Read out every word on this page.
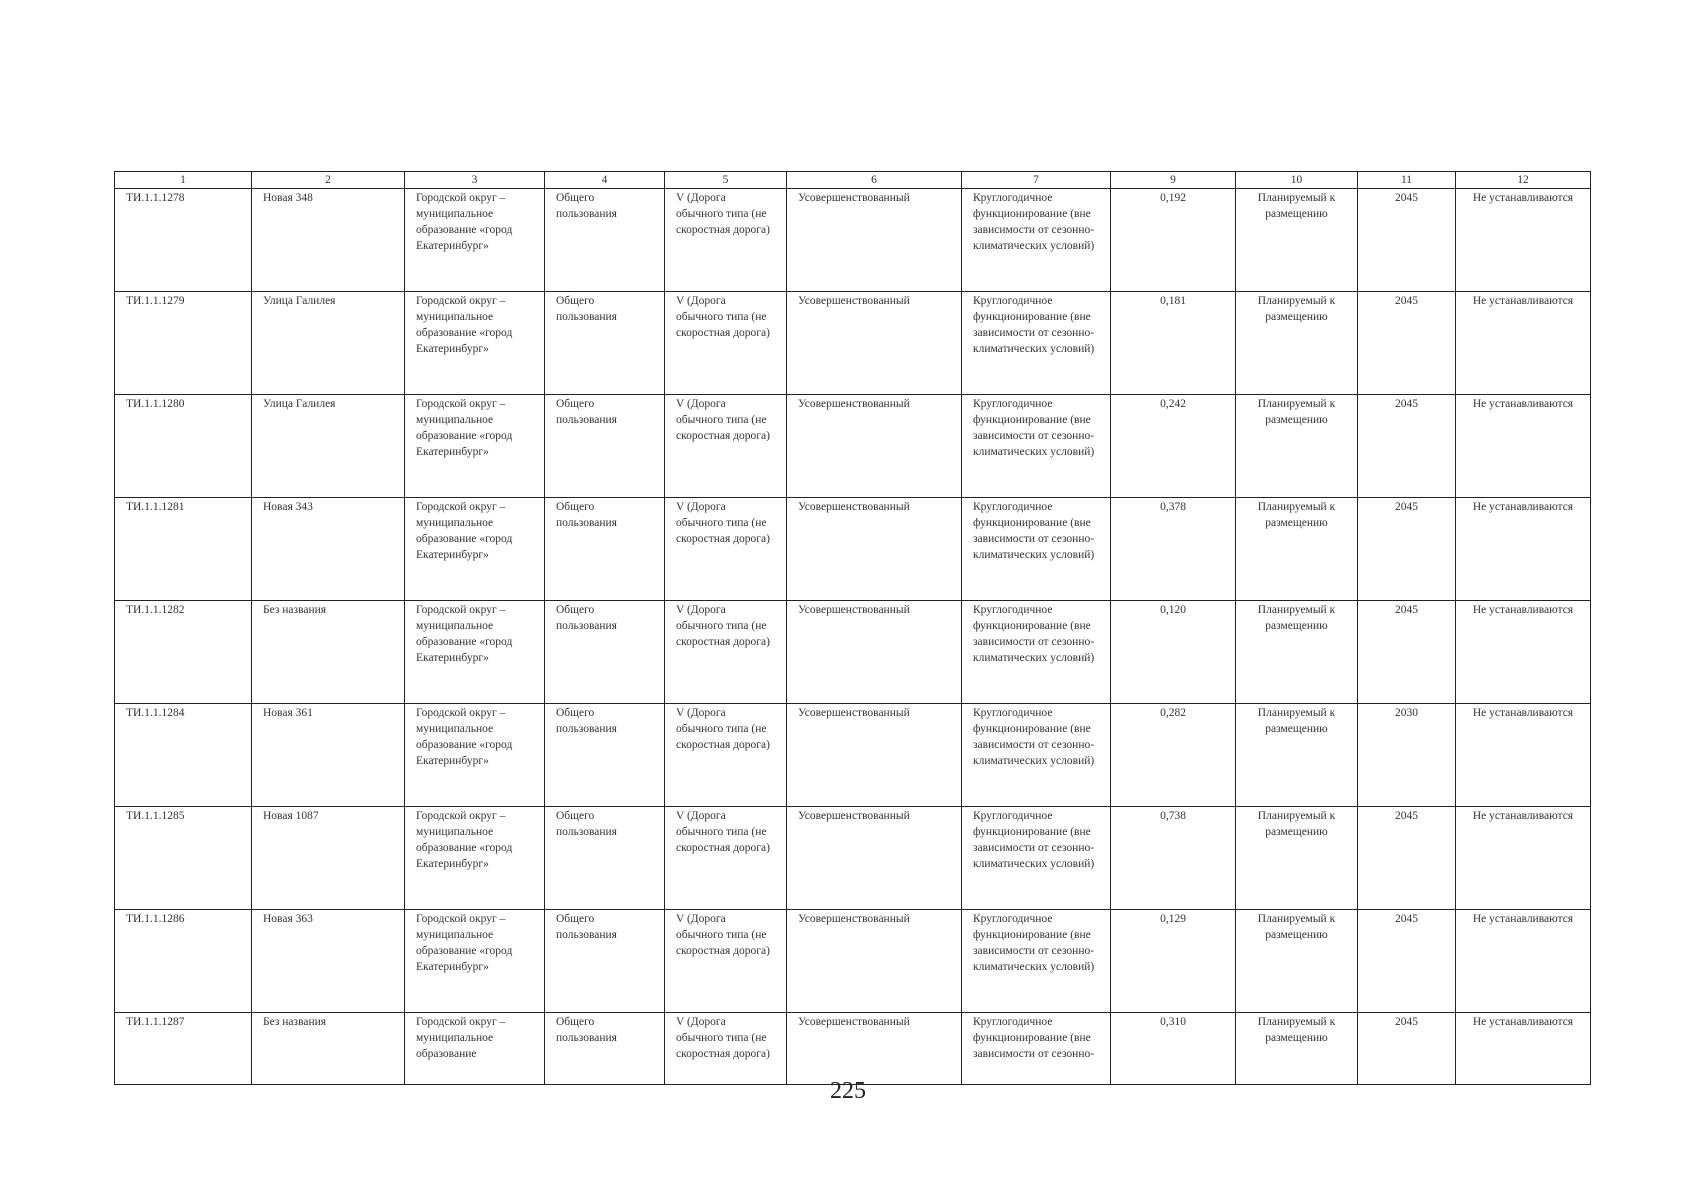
1	2	3	4	5	6	7	9	10	11	12
ТИ.1.1.1278	Новая 348	Городской округ – муниципальное образование «город Екатеринбург»	Общего пользования	V (Дорога обычного типа (не скоростная дорога)	Усовершенствованный	Круглогодичное функционирование (вне зависимости от сезонно-климатических условий)	0,192	Планируемый к размещению	2045	Не устанавливаются
ТИ.1.1.1279	Улица Галилея	Городской округ – муниципальное образование «город Екатеринбург»	Общего пользования	V (Дорога обычного типа (не скоростная дорога)	Усовершенствованный	Круглогодичное функционирование (вне зависимости от сезонно-климатических условий)	0,181	Планируемый к размещению	2045	Не устанавливаются
ТИ.1.1.1280	Улица Галилея	Городской округ – муниципальное образование «город Екатеринбург»	Общего пользования	V (Дорога обычного типа (не скоростная дорога)	Усовершенствованный	Круглогодичное функционирование (вне зависимости от сезонно-климатических условий)	0,242	Планируемый к размещению	2045	Не устанавливаются
ТИ.1.1.1281	Новая 343	Городской округ – муниципальное образование «город Екатеринбург»	Общего пользования	V (Дорога обычного типа (не скоростная дорога)	Усовершенствованный	Круглогодичное функционирование (вне зависимости от сезонно-климатических условий)	0,378	Планируемый к размещению	2045	Не устанавливаются
ТИ.1.1.1282	Без названия	Городской округ – муниципальное образование «город Екатеринбург»	Общего пользования	V (Дорога обычного типа (не скоростная дорога)	Усовершенствованный	Круглогодичное функционирование (вне зависимости от сезонно-климатических условий)	0,120	Планируемый к размещению	2045	Не устанавливаются
ТИ.1.1.1284	Новая 361	Городской округ – муниципальное образование «город Екатеринбург»	Общего пользования	V (Дорога обычного типа (не скоростная дорога)	Усовершенствованный	Круглогодичное функционирование (вне зависимости от сезонно-климатических условий)	0,282	Планируемый к размещению	2030	Не устанавливаются
ТИ.1.1.1285	Новая 1087	Городской округ – муниципальное образование «город Екатеринбург»	Общего пользования	V (Дорога обычного типа (не скоростная дорога)	Усовершенствованный	Круглогодичное функционирование (вне зависимости от сезонно-климатических условий)	0,738	Планируемый к размещению	2045	Не устанавливаются
ТИ.1.1.1286	Новая 363	Городской округ – муниципальное образование «город Екатеринбург»	Общего пользования	V (Дорога обычного типа (не скоростная дорога)	Усовершенствованный	Круглогодичное функционирование (вне зависимости от сезонно-климатических условий)	0,129	Планируемый к размещению	2045	Не устанавливаются
ТИ.1.1.1287	Без названия	Городской округ – муниципальное образование	Общего пользования	V (Дорога обычного типа (не скоростная дорога)	Усовершенствованный	Круглогодичное функционирование (вне зависимости от сезонно-	0,310	Планируемый к размещению	2045	Не устанавливаются
225
